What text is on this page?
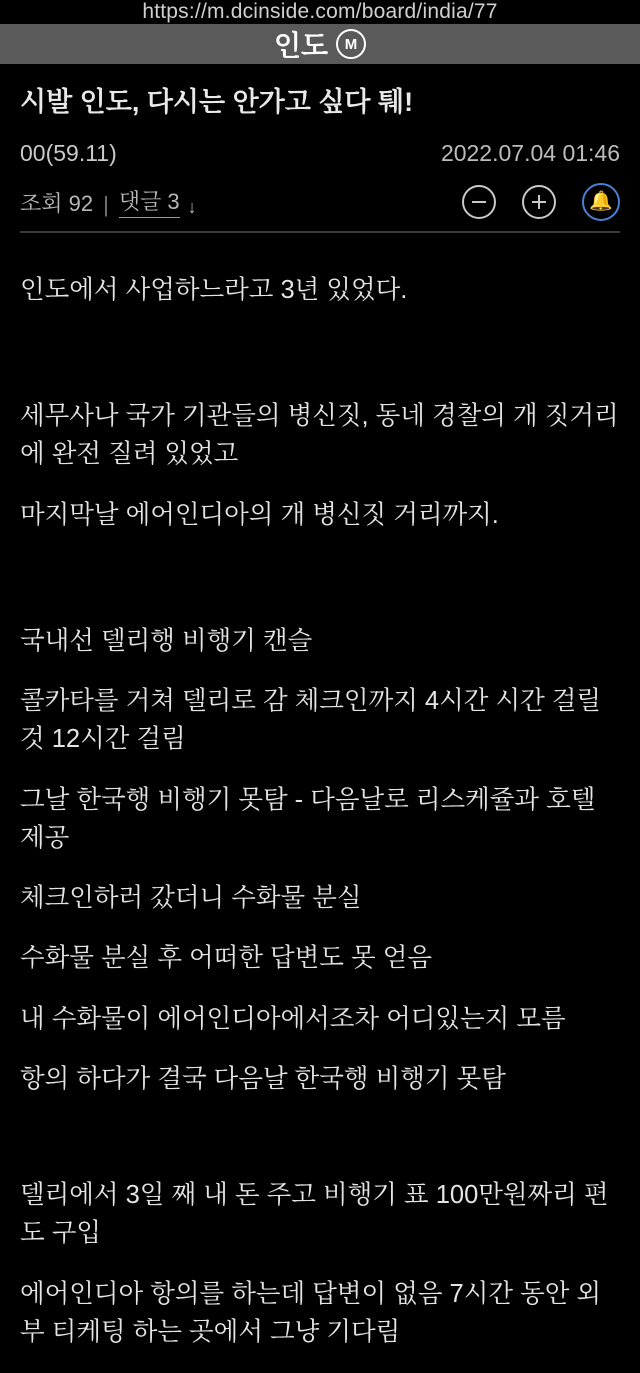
https://m.dcinside.com/board/india/77
인도	M
시발 인도, 다시는 안가고 싶다 퉤!
00(59.11)	2022.07.04 01:46
조회 92 | 댓글 3 ↓	🔔

인도에서 사업하느라고 3년 있었다.

세무사나 국가 기관들의 병신짓, 동네 경찰의 개 짓거리에 완전 질려 있었고

마지막날 에어인디아의 개 병신짓 거리까지.

국내선 델리행 비행기 캔슬

콜카타를 거쳐 델리로 감 체크인까지 4시간 시간 걸릴 것 12시간 걸림

그날 한국행 비행기 못탐 - 다음날로 리스케쥴과 호텔 제공

체크인하러 갔더니 수화물 분실

수화물 분실 후 어떠한 답변도 못 얻음

내 수화물이 에어인디아에서조차 어디있는지 모름

항의 하다가 결국 다음날 한국행 비행기 못탐

델리에서 3일 째 내 돈 주고 비행기 표 100만원짜리 편도 구입

에어인디아 항의를 하는데 답변이 없음 7시간 동안 외부 티케팅 하는 곳에서 그냥 기다림
